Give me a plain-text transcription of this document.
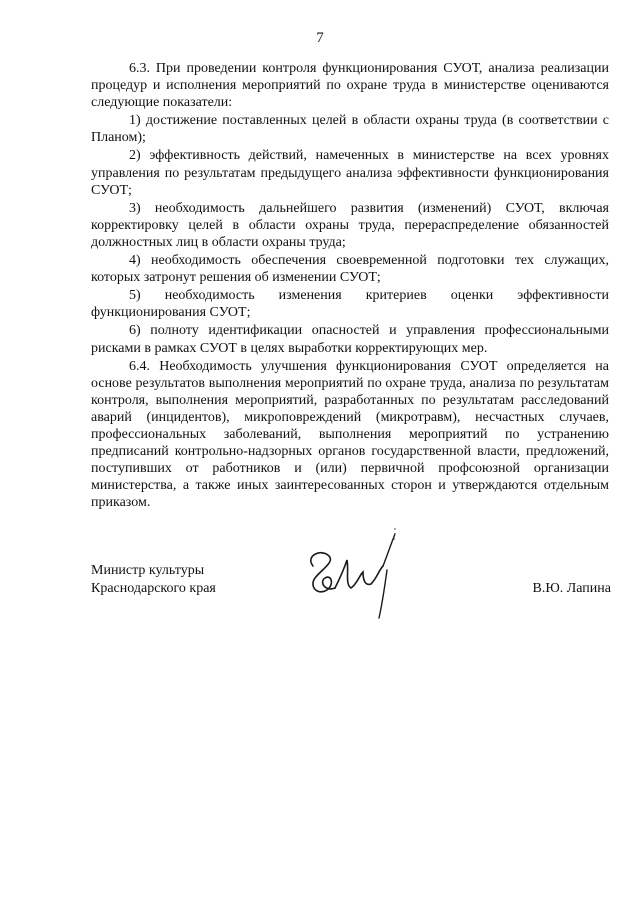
7

6.3. При проведении контроля функционирования СУОТ, анализа реализации процедур и исполнения мероприятий по охране труда в министерстве оцениваются следующие показатели:

1) достижение поставленных целей в области охраны труда (в соответствии с Планом);

2) эффективность действий, намеченных в министерстве на всех уровнях управления по результатам предыдущего анализа эффективности функционирования СУОТ;

3) необходимость дальнейшего развития (изменений) СУОТ, включая корректировку целей в области охраны труда, перераспределение обязанностей должностных лиц в области охраны труда;

4) необходимость обеспечения своевременной подготовки тех служащих, которых затронут решения об изменении СУОТ;

5) необходимость изменения критериев оценки эффективности функционирования СУОТ;

6) полноту идентификации опасностей и управления профессиональными рисками в рамках СУОТ в целях выработки корректирующих мер.

6.4. Необходимость улучшения функционирования СУОТ определяется на основе результатов выполнения мероприятий по охране труда, анализа по результатам контроля, выполнения мероприятий, разработанных по результатам расследований аварий (инцидентов), микроповреждений (микротравм), несчастных случаев, профессиональных заболеваний, выполнения мероприятий по устранению предписаний контрольно-надзорных органов государственной власти, предложений, поступивших от работников и (или) первичной профсоюзной организации министерства, а также иных заинтересованных сторон и утверждаются отдельным приказом.

Министр культуры
Краснодарского края	В.Ю. Лапина
